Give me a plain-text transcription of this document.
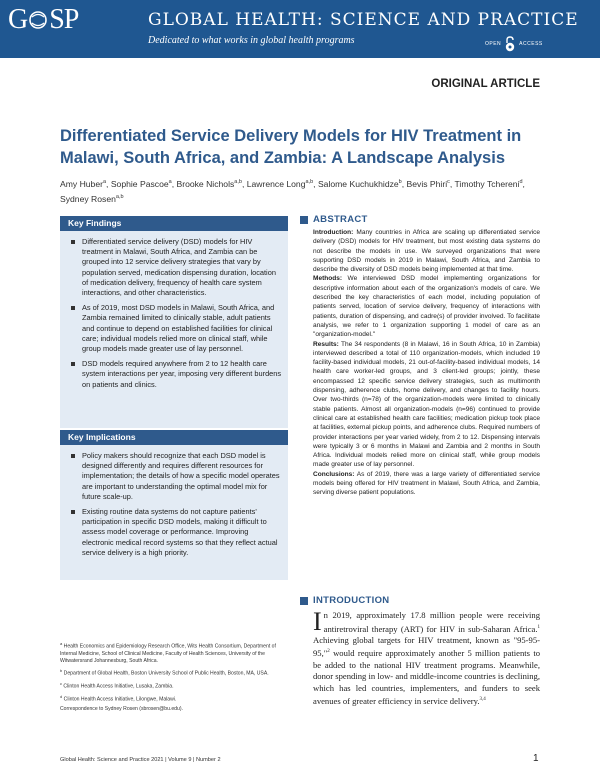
G SP	GLOBAL HEALTH: SCIENCE AND PRACTICE
Dedicated to what works in global health programs	OPEN	ACCESS
ORIGINAL ARTICLE
Differentiated Service Delivery Models for HIV Treatment in Malawi, South Africa, and Zambia: A Landscape Analysis
Amy Huber$^a$, Sophie Pascoe$^a$, Brooke Nichols$^{a,b}$, Lawrence Long$^{a,b}$, Salome Kuchukhidze$^b$, Bevis Phiri$^c$, Timothy Tchereni$^d$, Sydney Rosen$^{a,b}$
Key Findings
Differentiated service delivery (DSD) models for HIV treatment in Malawi, South Africa, and Zambia can be grouped into 12 service delivery strategies that vary by population served, medication dispensing duration, location of medication delivery, frequency of health care system interactions, and other characteristics.
As of 2019, most DSD models in Malawi, South Africa, and Zambia remained limited to clinically stable, adult patients and continue to depend on established facilities for clinical care; individual models relied more on clinical staff, while group models made greater use of lay personnel.
DSD models required anywhere from 2 to 12 health care system interactions per year, imposing very different burdens on patients and clinics.
Key Implications
Policy makers should recognize that each DSD model is designed differently and requires different resources for implementation; the details of how a specific model operates are important to understanding the optimal model mix for future scale-up.
Existing routine data systems do not capture patients' participation in specific DSD models, making it difficult to assess model coverage or performance. Improving electronic medical record systems so that they reflect actual service delivery is a high priority.
$^a$ Health Economics and Epidemiology Research Office, Wits Health Consortium, Department of Internal Medicine, School of Clinical Medicine, Faculty of Health Sciences, University of the Witwatersrand Johannesburg, South Africa.
$^b$ Department of Global Health, Boston University School of Public Health, Boston, MA, USA.
$^c$ Clinton Health Access Initiative, Lusaka, Zambia.
$^d$ Clinton Health Access Initiative, Lilongwe, Malawi.
Correspondence to Sydney Rosen (sbrosen@bu.edu).
ABSTRACT

Introduction: Many countries in Africa are scaling up differentiated service delivery (DSD) models for HIV treatment, but most existing data systems do not describe the models in use. We surveyed organizations that were supporting DSD models in 2019 in Malawi, South Africa, and Zambia to describe the diversity of DSD models being implemented at that time.

Methods: We interviewed DSD model implementing organizations for descriptive information about each of the organization's models of care. We described the key characteristics of each model, including population of patients served, location of service delivery, frequency of interactions with patients, duration of dispensing, and cadre(s) of provider involved. To facilitate analysis, we refer to 1 organization supporting 1 model of care as an "organization-model."

Results: The 34 respondents (8 in Malawi, 16 in South Africa, 10 in Zambia) interviewed described a total of 110 organization-models, which included 19 facility-based individual models, 21 out-of-facility-based individual models, 14 health care worker-led groups, and 3 client-led groups; jointly, these encompassed 12 specific service delivery strategies, such as multimonth dispensing, adherence clubs, home delivery, and changes to facility hours. Over two-thirds (n=78) of the organization-models were limited to clinically stable patients. Almost all organization-models (n=96) continued to provide clinical care at established health care facilities; medication pickup took place at facilities, external pickup points, and adherence clubs. Required numbers of provider interactions per year varied widely, from 2 to 12. Dispensing intervals were typically 3 or 6 months in Malawi and Zambia and 2 months in South Africa. Individual models relied more on clinical staff, while group models made greater use of lay personnel.

Conclusions: As of 2019, there was a large variety of differentiated service models being offered for HIV treatment in Malawi, South Africa, and Zambia, serving diverse patient populations.

INTRODUCTION
In 2019, approximately 17.8 million people were receiving antiretroviral therapy (ART) for HIV in sub-Saharan Africa.$^1$ Achieving global targets for HIV treatment, known as "95-95-95,"$^2$ would require approximately another 5 million patients to be added to the national HIV treatment programs. Meanwhile, donor spending in low- and middle-income countries is declining, which has led countries, implementers, and funders to seek avenues of greater efficiency in service delivery.$^{3,4}$
Global Health: Science and Practice 2021 | Volume 9 | Number 2	1
